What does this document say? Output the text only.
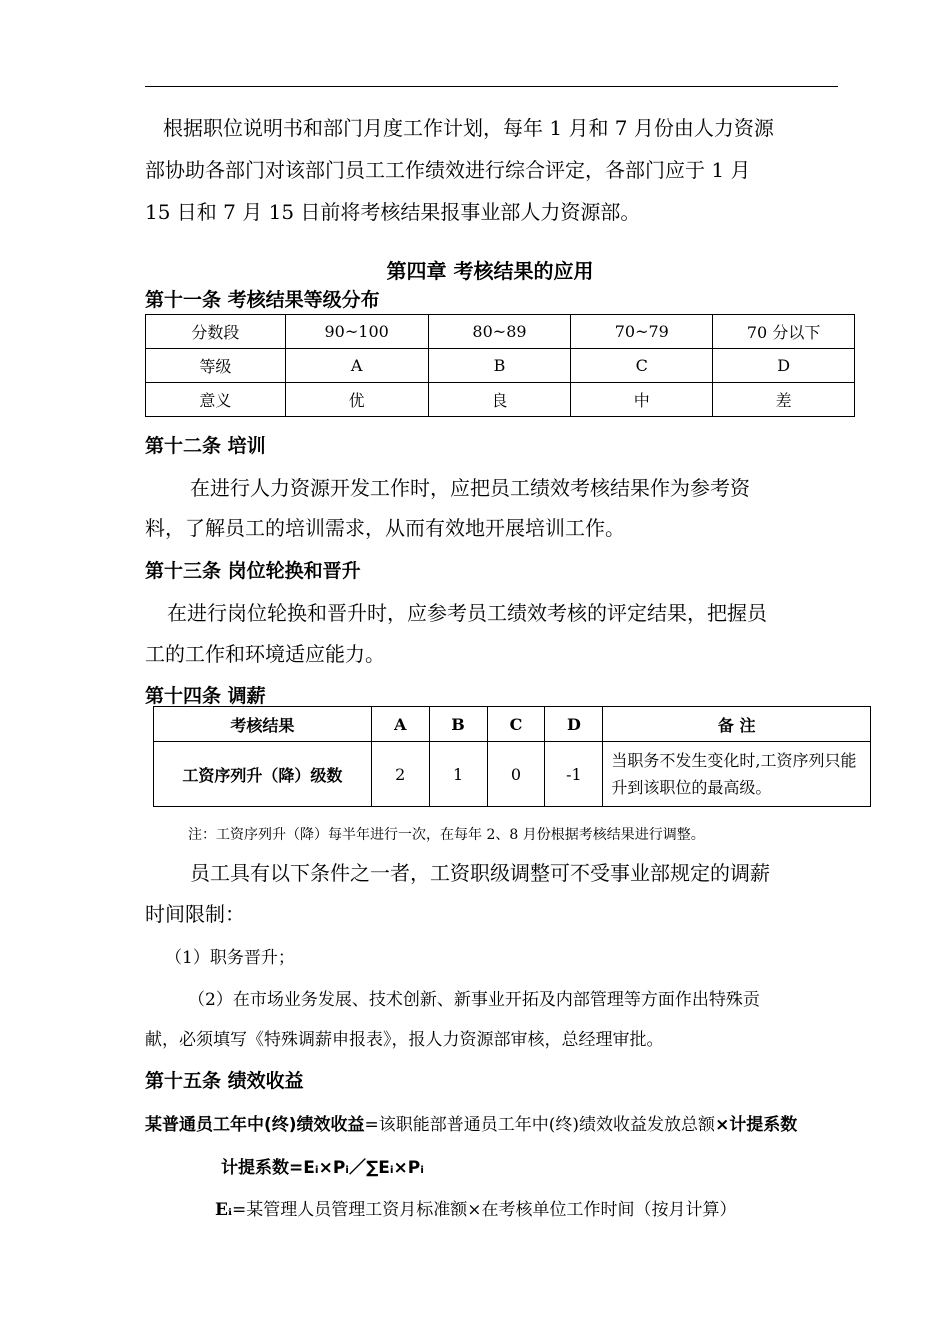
根据职位说明书和部门月度工作计划，每年 1 月和 7 月份由人力资源

部协助各部门对该部门员工工作绩效进行综合评定，各部门应于 1 月

15 日和 7 月 15 日前将考核结果报事业部人力资源部。

第四章 考核结果的应用

第十一条 考核结果等级分布

分数段	90~100	80~89	70~79	70 分以下
等级	A	B	C	D
意义	优	良	中	差

第十二条 培训

在进行人力资源开发工作时，应把员工绩效考核结果作为参考资

料，了解员工的培训需求，从而有效地开展培训工作。

第十三条 岗位轮换和晋升

在进行岗位轮换和晋升时，应参考员工绩效考核的评定结果，把握员

工的工作和环境适应能力。

第十四条 调薪

考核结果	A	B	C	D	备 注
工资序列升（降）级数	2	1	0	-1	当职务不发生变化时,工资序列只能升到该职位的最高级。

注：工资序列升（降）每半年进行一次，在每年 2、8 月份根据考核结果进行调整。

员工具有以下条件之一者，工资职级调整可不受事业部规定的调薪

时间限制：

（1）职务晋升；

（2）在市场业务发展、技术创新、新事业开拓及内部管理等方面作出特殊贡

献，必须填写《特殊调薪申报表》，报人力资源部审核，总经理审批。

第十五条 绩效收益

某普通员工年中(终)绩效收益=该职能部普通员工年中(终)绩效收益发放总额×计提系数

计提系数=Eᵢ×Pᵢ／∑Eᵢ×Pᵢ

Eᵢ=某管理人员管理工资月标准额×在考核单位工作时间（按月计算）
